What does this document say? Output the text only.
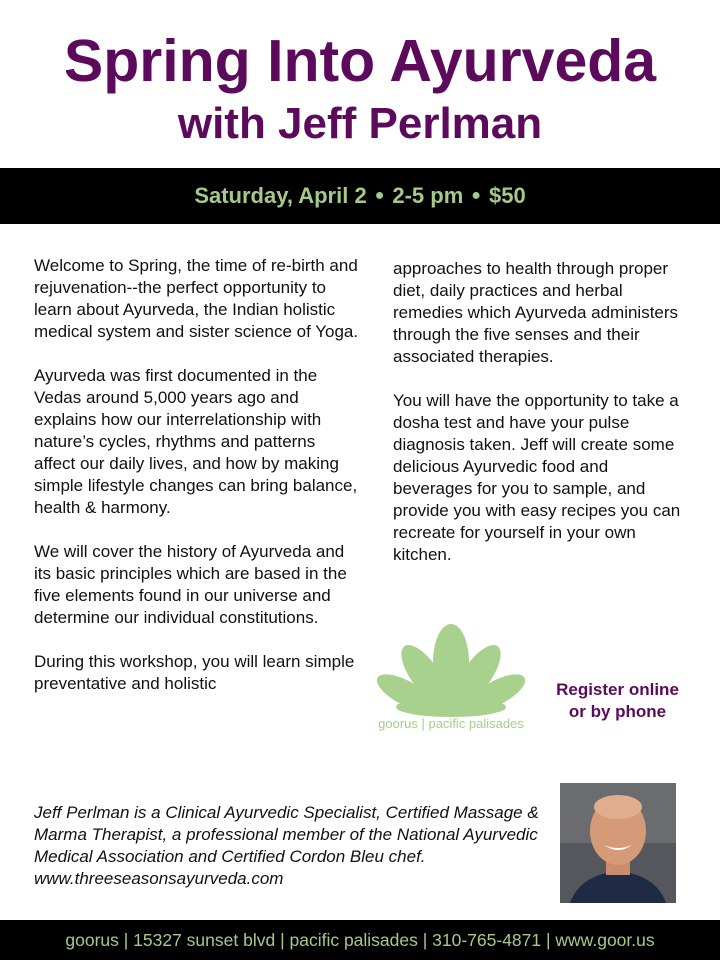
Spring Into Ayurveda
with Jeff Perlman
Saturday, April 2 ● 2-5 pm ● $50

Welcome to Spring, the time of re-birth and rejuvenation--the perfect opportunity to learn about Ayurveda, the Indian holistic medical system and sister science of Yoga.

Ayurveda was first documented in the Vedas around 5,000 years ago and explains how our interrelationship with nature’s cycles, rhythms and patterns affect our daily lives, and how by making simple lifestyle changes can bring balance, health & harmony.

We will cover the history of Ayurveda and its basic principles which are based in the five elements found in our universe and determine our individual constitutions.

During this workshop, you will learn simple preventative and holistic

approaches to health through proper diet, daily practices and herbal remedies which Ayurveda administers through the five senses and their associated therapies.

You will have the opportunity to take a dosha test and have your pulse diagnosis taken. Jeff will create some delicious Ayurvedic food and beverages for you to sample, and provide you with easy recipes you can recreate for yourself in your own kitchen.

goorus | pacific palisades
Register online
or by phone
Jeff Perlman is a Clinical Ayurvedic Specialist, Certified Massage & Marma Therapist, a professional member of the National Ayurvedic Medical Association and Certified Cordon Bleu chef. www.threeseasonsayurveda.com
goorus | 15327 sunset blvd | pacific palisades | 310-765-4871 | www.goor.us
